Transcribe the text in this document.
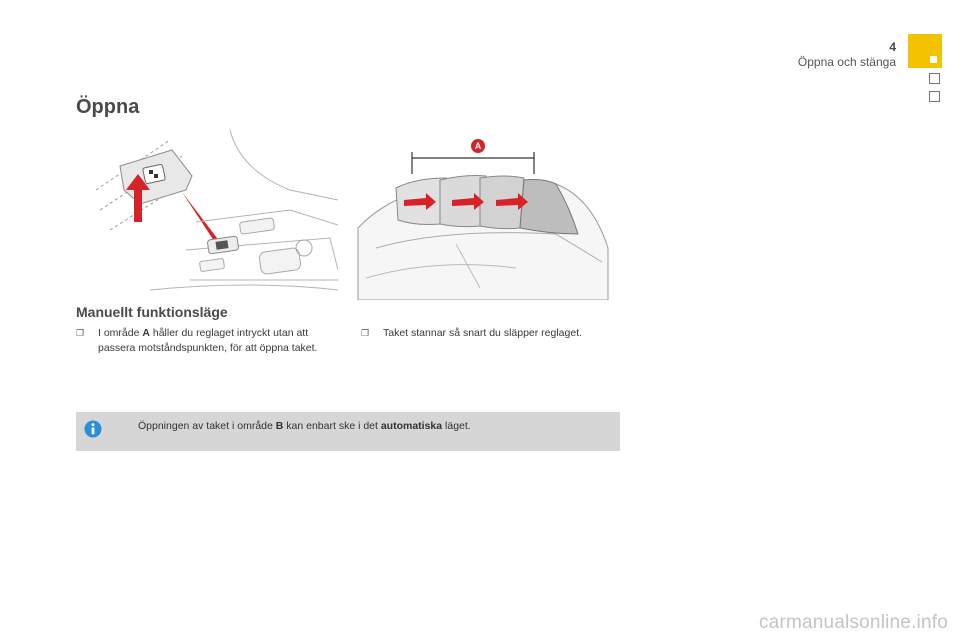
4
Öppna och stänga
Öppna
A
Manuellt funktionsläge
❐	I område A håller du reglaget intryckt utan att passera motståndspunkten, för att öppna taket.
❐	Taket stannar så snart du släpper reglaget.
Öppningen av taket i område B kan enbart ske i det automatiska läget.
carmanualsonline.info
